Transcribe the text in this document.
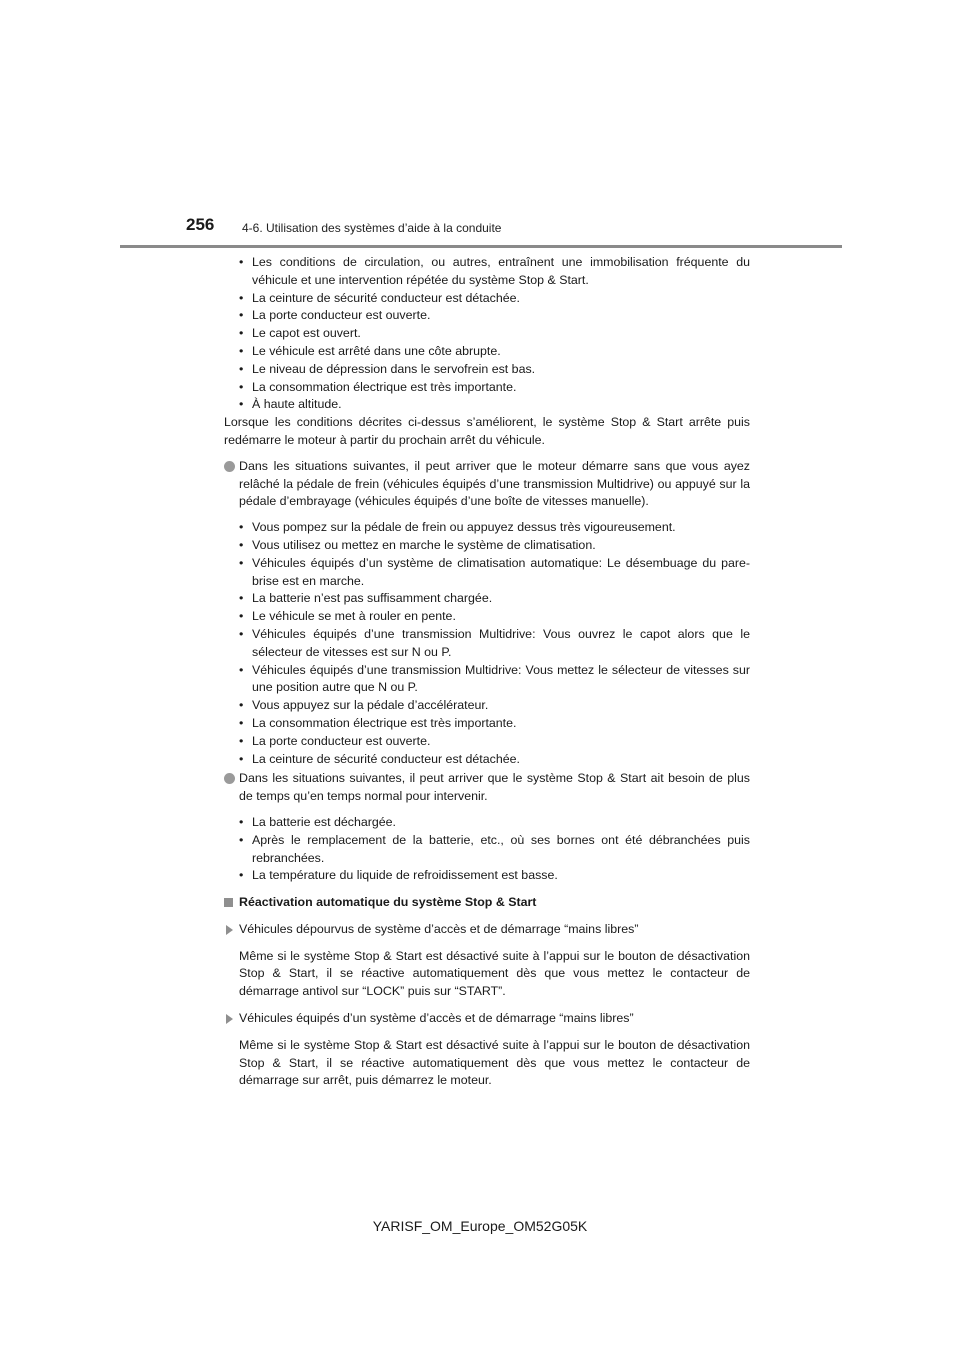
256 4-6. Utilisation des systèmes d’aide à la conduite
• Les conditions de circulation, ou autres, entraînent une immobilisation fréquente du véhicule et une intervention répétée du système Stop & Start.
• La ceinture de sécurité conducteur est détachée.
• La porte conducteur est ouverte.
• Le capot est ouvert.
• Le véhicule est arrêté dans une côte abrupte.
• Le niveau de dépression dans le servofrein est bas.
• La consommation électrique est très importante.
• À haute altitude.
Lorsque les conditions décrites ci-dessus s’améliorent, le système Stop & Start arrête puis redémarre le moteur à partir du prochain arrêt du véhicule.
Dans les situations suivantes, il peut arriver que le moteur démarre sans que vous ayez relâché la pédale de frein (véhicules équipés d’une transmission Multidrive) ou appuyé sur la pédale d’embrayage (véhicules équipés d’une boîte de vitesses manuelle).
• Vous pompez sur la pédale de frein ou appuyez dessus très vigoureusement.
• Vous utilisez ou mettez en marche le système de climatisation.
• Véhicules équipés d’un système de climatisation automatique: Le désembuage du pare-brise est en marche.
• La batterie n’est pas suffisamment chargée.
• Le véhicule se met à rouler en pente.
• Véhicules équipés d’une transmission Multidrive: Vous ouvrez le capot alors que le sélecteur de vitesses est sur N ou P.
• Véhicules équipés d’une transmission Multidrive: Vous mettez le sélecteur de vitesses sur une position autre que N ou P.
• Vous appuyez sur la pédale d’accélérateur.
• La consommation électrique est très importante.
• La porte conducteur est ouverte.
• La ceinture de sécurité conducteur est détachée.
Dans les situations suivantes, il peut arriver que le système Stop & Start ait besoin de plus de temps qu’en temps normal pour intervenir.
• La batterie est déchargée.
• Après le remplacement de la batterie, etc., où ses bornes ont été débranchées puis rebranchées.
• La température du liquide de refroidissement est basse.
Réactivation automatique du système Stop & Start
Véhicules dépourvus de système d’accès et de démarrage “mains libres”
Même si le système Stop & Start est désactivé suite à l’appui sur le bouton de désactivation Stop & Start, il se réactive automatiquement dès que vous mettez le contacteur de démarrage antivol sur “LOCK” puis sur “START”.
Véhicules équipés d’un système d’accès et de démarrage “mains libres”
Même si le système Stop & Start est désactivé suite à l’appui sur le bouton de désactivation Stop & Start, il se réactive automatiquement dès que vous mettez le contacteur de démarrage sur arrêt, puis démarrez le moteur.
YARISF_OM_Europe_OM52G05K
